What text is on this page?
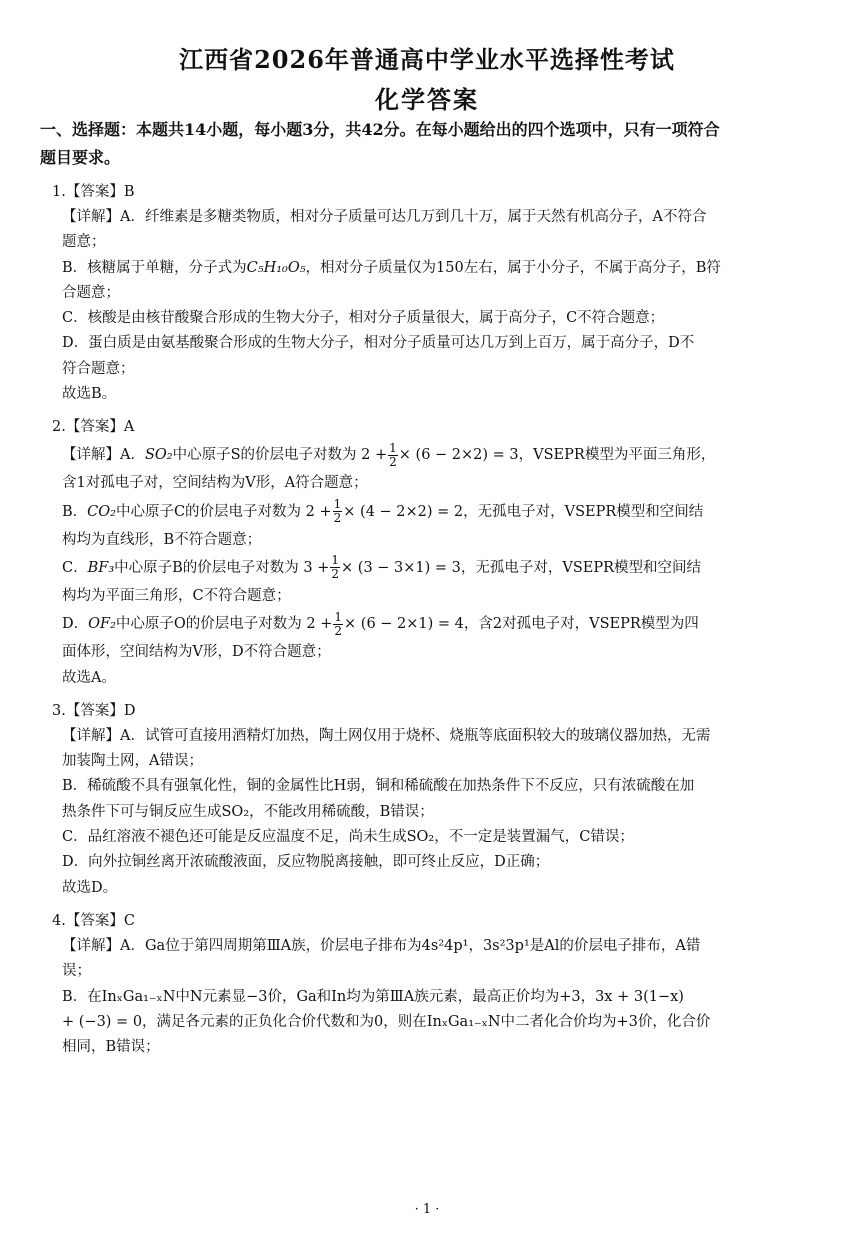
江西省2026年普通高中学业水平选择性考试
化学答案
一、选择题：本题共14小题，每小题3分，共42分。在每小题给出的四个选项中，只有一项符合
题目要求。
1.【答案】B
【详解】A．纤维素是多糖类物质，相对分子质量可达几万到几十万，属于天然有机高分子，A不符合
题意；
B．核糖属于单糖，分子式为C₅H₁₀O₅，相对分子质量仅为150左右，属于小分子，不属于高分子，B符
合题意；
C．核酸是由核苷酸聚合形成的生物大分子，相对分子质量很大，属于高分子，C不符合题意；
D．蛋白质是由氨基酸聚合形成的生物大分子，相对分子质量可达几万到上百万，属于高分子，D不
符合题意；
故选B。
2.【答案】A
【详解】A．SO₂中心原子S的价层电子对数为 $2 + \frac{1}{2} \times (6 - 2\times 2) = 3$，VSEPR模型为平面三角形，
含1对孤电子对，空间结构为V形，A符合题意；
B．CO₂中心原子C的价层电子对数为 $2 + \frac{1}{2} \times (4 - 2\times 2) = 2$，无孤电子对，VSEPR模型和空间结
构均为直线形，B不符合题意；
C．BF₃中心原子B的价层电子对数为 $3 + \frac{1}{2} \times (3 - 3\times 1) = 3$，无孤电子对，VSEPR模型和空间结
构均为平面三角形，C不符合题意；
D．OF₂中心原子O的价层电子对数为 $2 + \frac{1}{2} \times (6 - 2\times 1) = 4$，含2对孤电子对，VSEPR模型为四
面体形，空间结构为V形，D不符合题意；
故选A。
3.【答案】D
【详解】A．试管可直接用酒精灯加热，陶土网仅用于烧杯、烧瓶等底面积较大的玻璃仪器加热，无需
加装陶土网，A错误；
B．稀硫酸不具有强氧化性，铜的金属性比H弱，铜和稀硫酸在加热条件下不反应，只有浓硫酸在加
热条件下可与铜反应生成SO₂，不能改用稀硫酸，B错误；
C．品红溶液不褪色还可能是反应温度不足，尚未生成SO₂，不一定是装置漏气，C错误；
D．向外拉铜丝离开浓硫酸液面，反应物脱离接触，即可终止反应，D正确；
故选D。
4.【答案】C
【详解】A．Ga位于第四周期第ⅢA族，价层电子排布为4s²4p¹，3s²3p¹是Al的价层电子排布，A错
误；
B．在InₓGa₁₋ₓN中N元素显−3价，Ga和In均为第ⅢA族元素，最高正价均为+3，3x + 3(1−x)
+ (−3) = 0，满足各元素的正负化合价代数和为0，则在InₓGa₁₋ₓN中二者化合价均为+3价，化合价
相同，B错误；
· 1 ·
